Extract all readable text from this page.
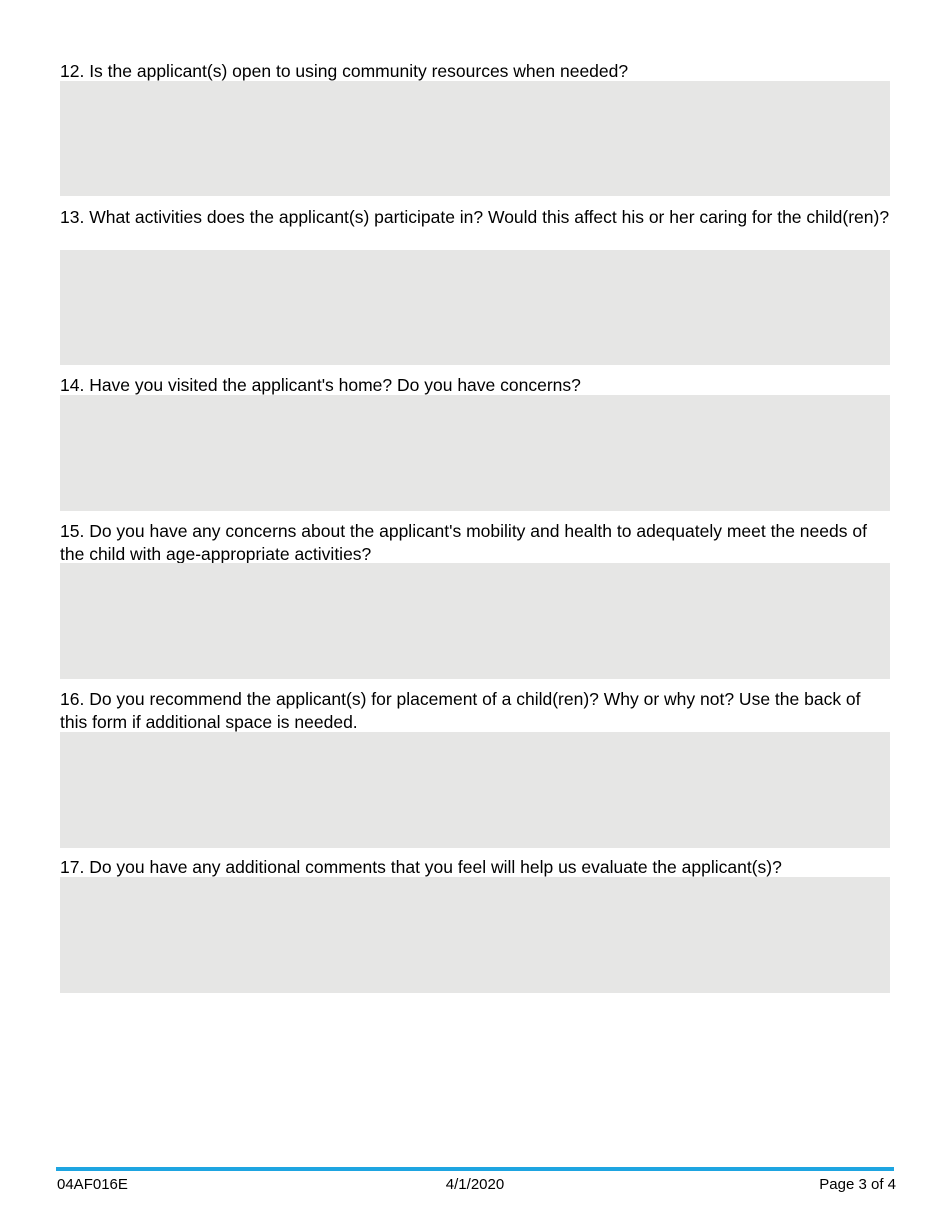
12. Is the applicant(s) open to using community resources when needed?
13. What activities does the applicant(s) participate in? Would this affect his or her caring for the child(ren)?
14. Have you visited the applicant's home? Do you have concerns?
15. Do you have any concerns about the applicant's mobility and health to adequately meet the needs of the child with age-appropriate activities?
16. Do you recommend the applicant(s) for placement of a child(ren)? Why or why not? Use the back of this form if additional space is needed.
17. Do you have any additional comments that you feel will help us evaluate the applicant(s)?
04AF016E	4/1/2020	Page 3 of 4
